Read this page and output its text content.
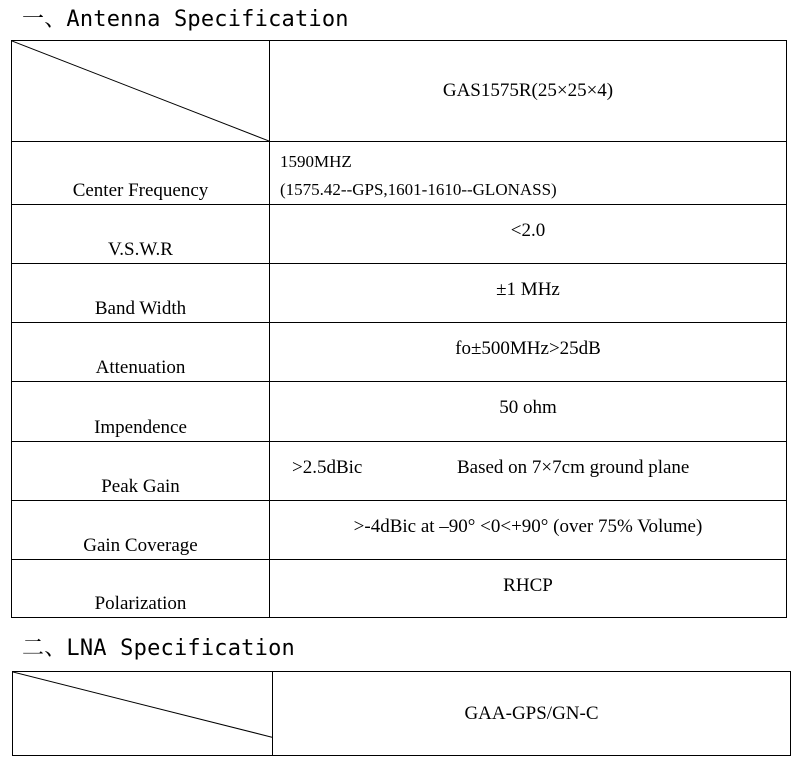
一、Antenna Specification
	GAS1575R(25×25×4)
Center Frequency	1590MHZ
(1575.42--GPS,1601-1610--GLONASS)

V.S.W.R	<2.0
Band Width	±1 MHz
Attenuation	fo±500MHz>25dB
Impendence	50 ohm
Peak Gain	>2.5dBic Based on 7×7cm ground plane
Gain Coverage	>-4dBic at –90° <0<+90° (over 75% Volume)
Polarization	RHCP
二、LNA Specification
	GAA-GPS/GN-C
